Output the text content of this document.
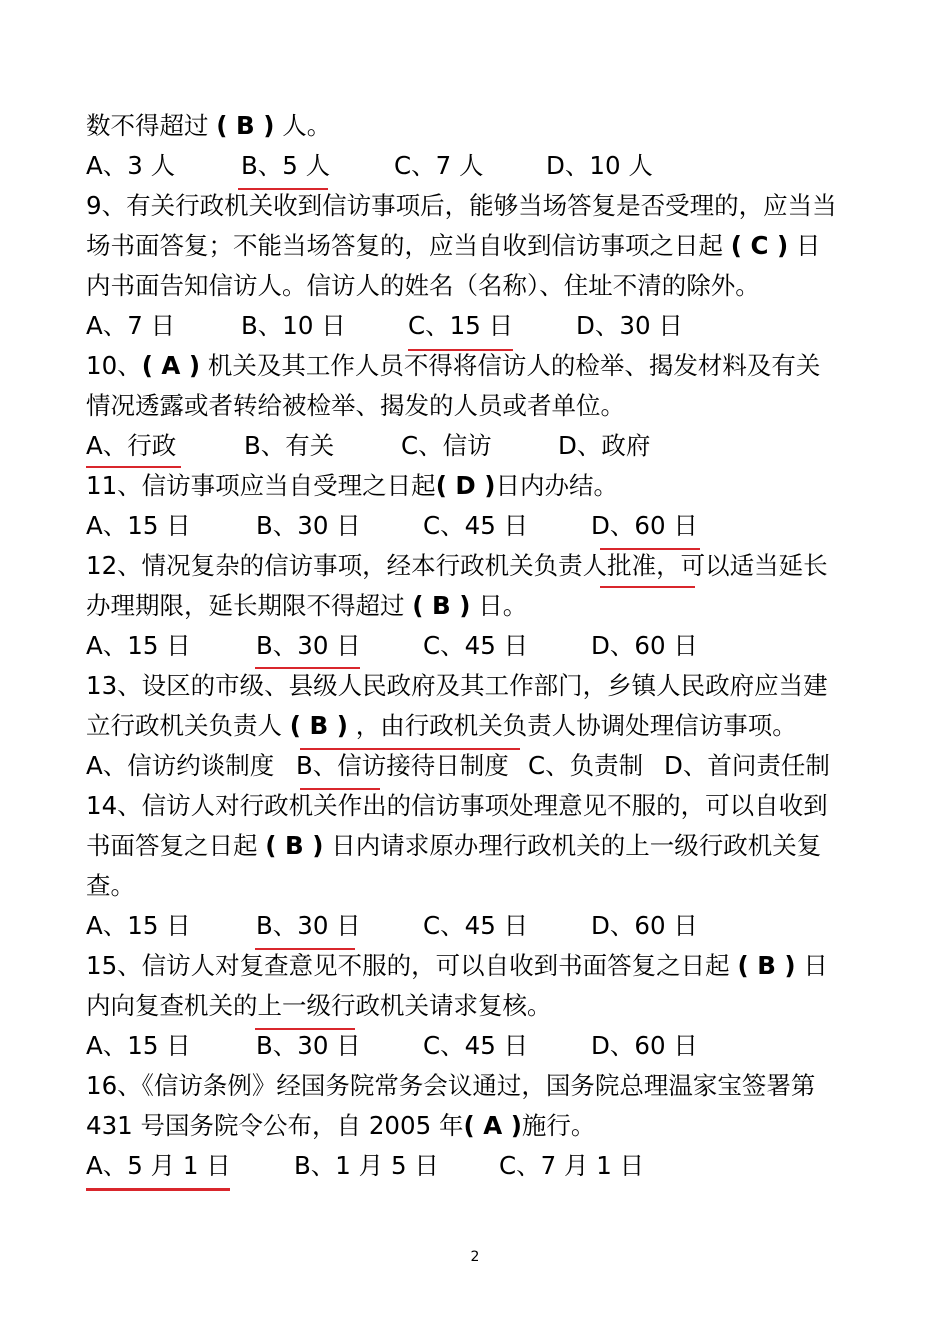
数不得超过 ( B ) 人。
A、3 人	B、5 人	C、7 人	D、10 人
9、有关行政机关收到信访事项后，能够当场答复是否受理的，应当当
场书面答复；不能当场答复的，应当自收到信访事项之日起 ( C ) 日
内书面告知信访人。信访人的姓名（名称）、住址不清的除外。
A、7 日	B、10 日	C、15 日	D、30 日
10、( A ) 机关及其工作人员不得将信访人的检举、揭发材料及有关
情况透露或者转给被检举、揭发的人员或者单位。
A、行政	B、有关	C、信访	D、政府
11、信访事项应当自受理之日起( D )日内办结。
A、15 日	B、30 日	C、45 日	D、60 日
12、情况复杂的信访事项，经本行政机关负责人批准，可以适当延长
办理期限，延长期限不得超过 ( B ) 日。
A、15 日	B、30 日	C、45 日	D、60 日
13、设区的市级、县级人民政府及其工作部门，乡镇人民政府应当建
立行政机关负责人 ( B ) ，由行政机关负责人协调处理信访事项。
A、信访约谈制度 B、信访接待日制度 C、负责制 D、首问责任制
14、信访人对行政机关作出的信访事项处理意见不服的，可以自收到
书面答复之日起 ( B ) 日内请求原办理行政机关的上一级行政机关复
查。
A、15 日	B、30 日	C、45 日	D、60 日
15、信访人对复查意见不服的，可以自收到书面答复之日起 ( B ) 日
内向复查机关的上一级行政机关请求复核。
A、15 日	B、30 日	C、45 日	D、60 日
16、《信访条例》经国务院常务会议通过，国务院总理温家宝签署第
431 号国务院令公布，自 2005 年( A )施行。
A、5 月 1 日	B、1 月 5 日 C、7 月 1 日
2
